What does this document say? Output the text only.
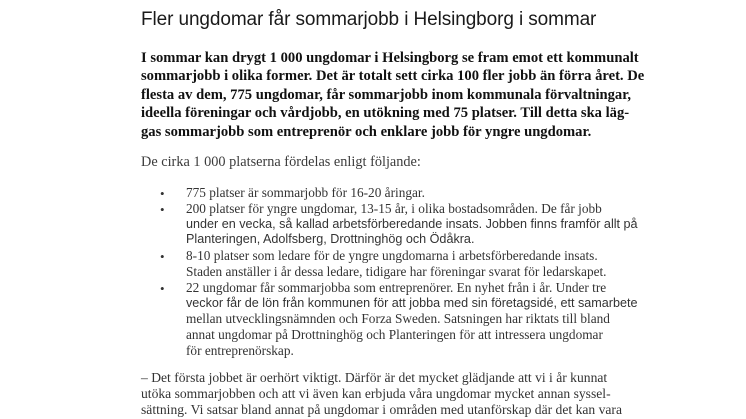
Fler ungdomar får sommarjobb i Helsingborg i sommar
I sommar kan drygt 1 000 ungdomar i Helsingborg se fram emot ett kommunalt
sommarjobb i olika former. Det är totalt sett cirka 100 fler jobb än förra året. De
flesta av dem, 775 ungdomar, får sommarjobb inom kommunala förvaltningar,
ideella föreningar och vårdjobb, en utökning med 75 platser. Till detta ska läg-
gas sommarjobb som entreprenör och enklare jobb för yngre ungdomar.
De cirka 1 000 platserna fördelas enligt följande:
• 775 platser är sommarjobb för 16-20 åringar.
• 200 platser för yngre ungdomar, 13-15 år, i olika bostadsområden. De får jobb
under en vecka, så kallad arbetsförberedande insats. Jobben finns framför allt på
Planteringen, Adolfsberg, Drottninghög och Ödåkra.
• 8-10 platser som ledare för de yngre ungdomarna i arbetsförberedande insats.
Staden anställer i år dessa ledare, tidigare har föreningar svarat för ledarskapet.
• 22 ungdomar får sommarjobba som entreprenörer. En nyhet från i år. Under tre
veckor får de lön från kommunen för att jobba med sin företagsidé, ett samarbete
mellan utvecklingsnämnden och Forza Sweden. Satsningen har riktats till bland
annat ungdomar på Drottninghög och Planteringen för att intressera ungdomar
för entreprenörskap.
– Det första jobbet är oerhört viktigt. Därför är det mycket glädjande att vi i år kunnat
utöka sommarjobben och att vi även kan erbjuda våra ungdomar mycket annan syssel-
sättning. Vi satsar bland annat på ungdomar i områden med utanförskap där det kan vara
